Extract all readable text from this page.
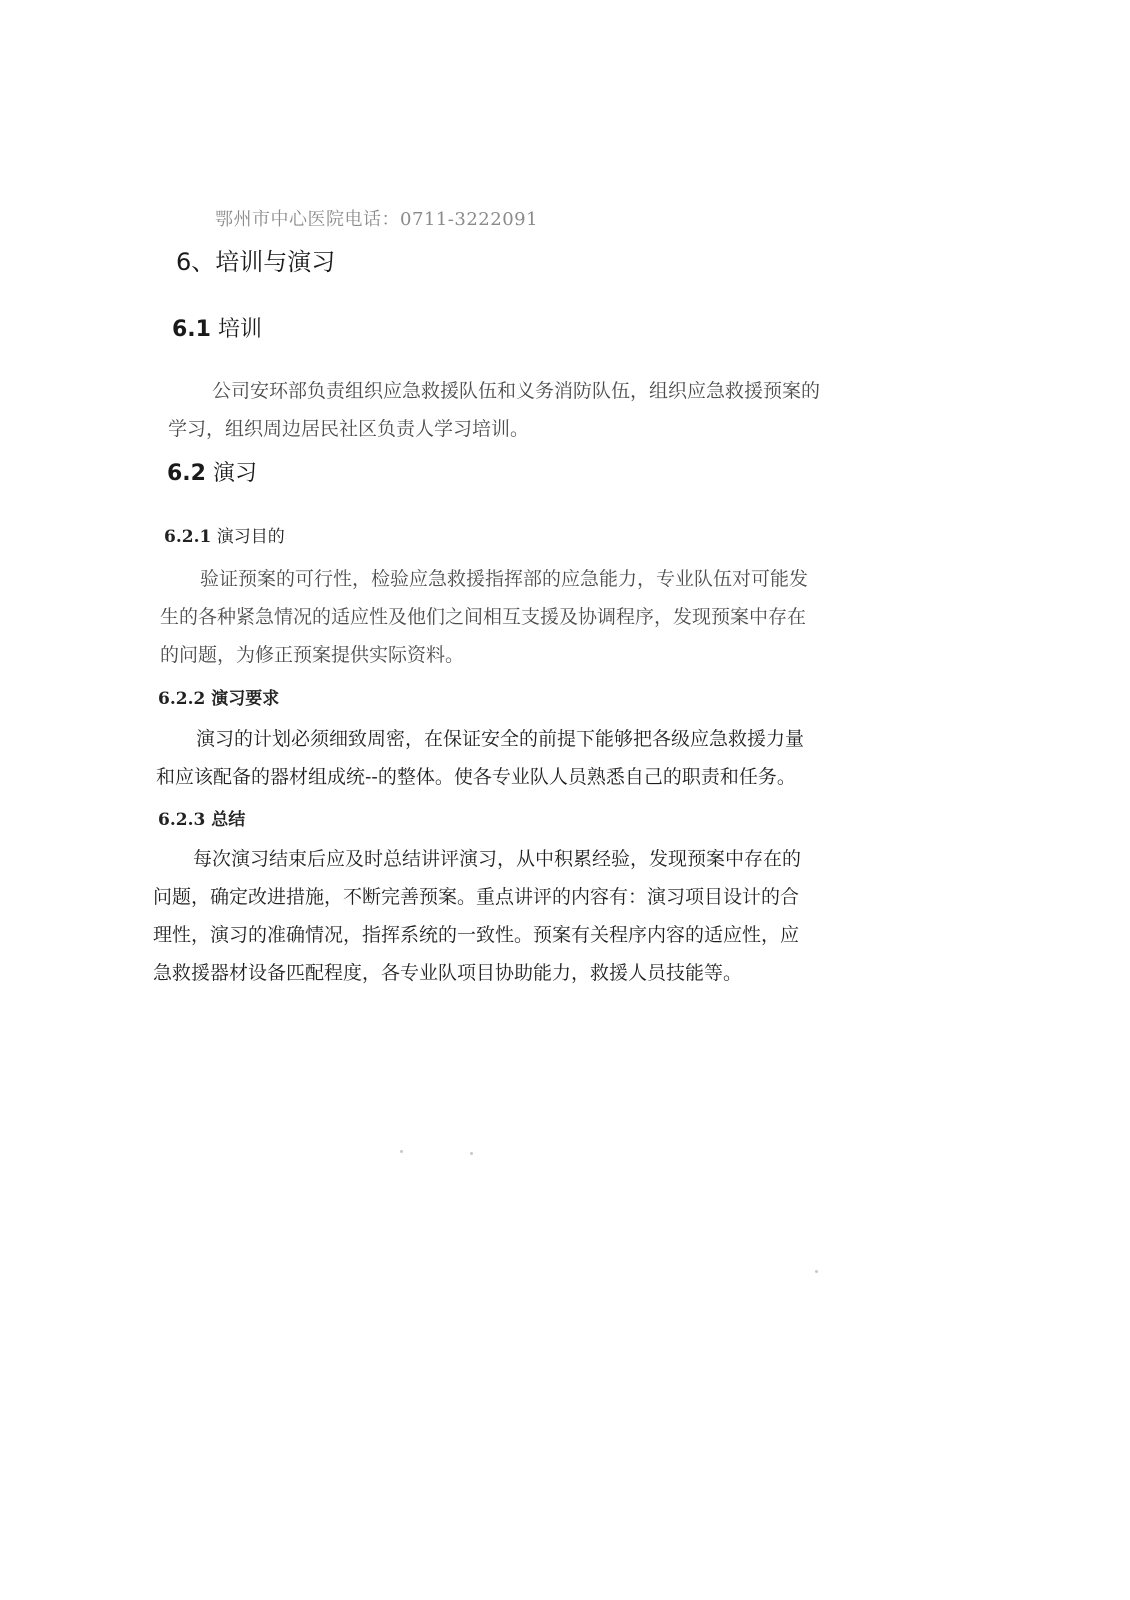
鄂州市中心医院电话：0711-3222091
6、培训与演习
6.1 培训
公司安环部负责组织应急救援队伍和义务消防队伍，组织应急救援预案的
学习，组织周边居民社区负责人学习培训。
6.2 演习
6.2.1 演习目的
验证预案的可行性，检验应急救援指挥部的应急能力，专业队伍对可能发
生的各种紧急情况的适应性及他们之间相互支援及协调程序，发现预案中存在
的问题，为修正预案提供实际资料。
6.2.2 演习要求
演习的计划必须细致周密，在保证安全的前提下能够把各级应急救援力量
和应该配备的器材组成统--的整体。使各专业队人员熟悉自己的职责和任务。
6.2.3 总结
每次演习结束后应及时总结讲评演习，从中积累经验，发现预案中存在的
问题，确定改进措施，不断完善预案。重点讲评的内容有：演习项目设计的合
理性，演习的准确情况，指挥系统的一致性。预案有关程序内容的适应性，应
急救援器材设备匹配程度，各专业队项目协助能力，救援人员技能等。
